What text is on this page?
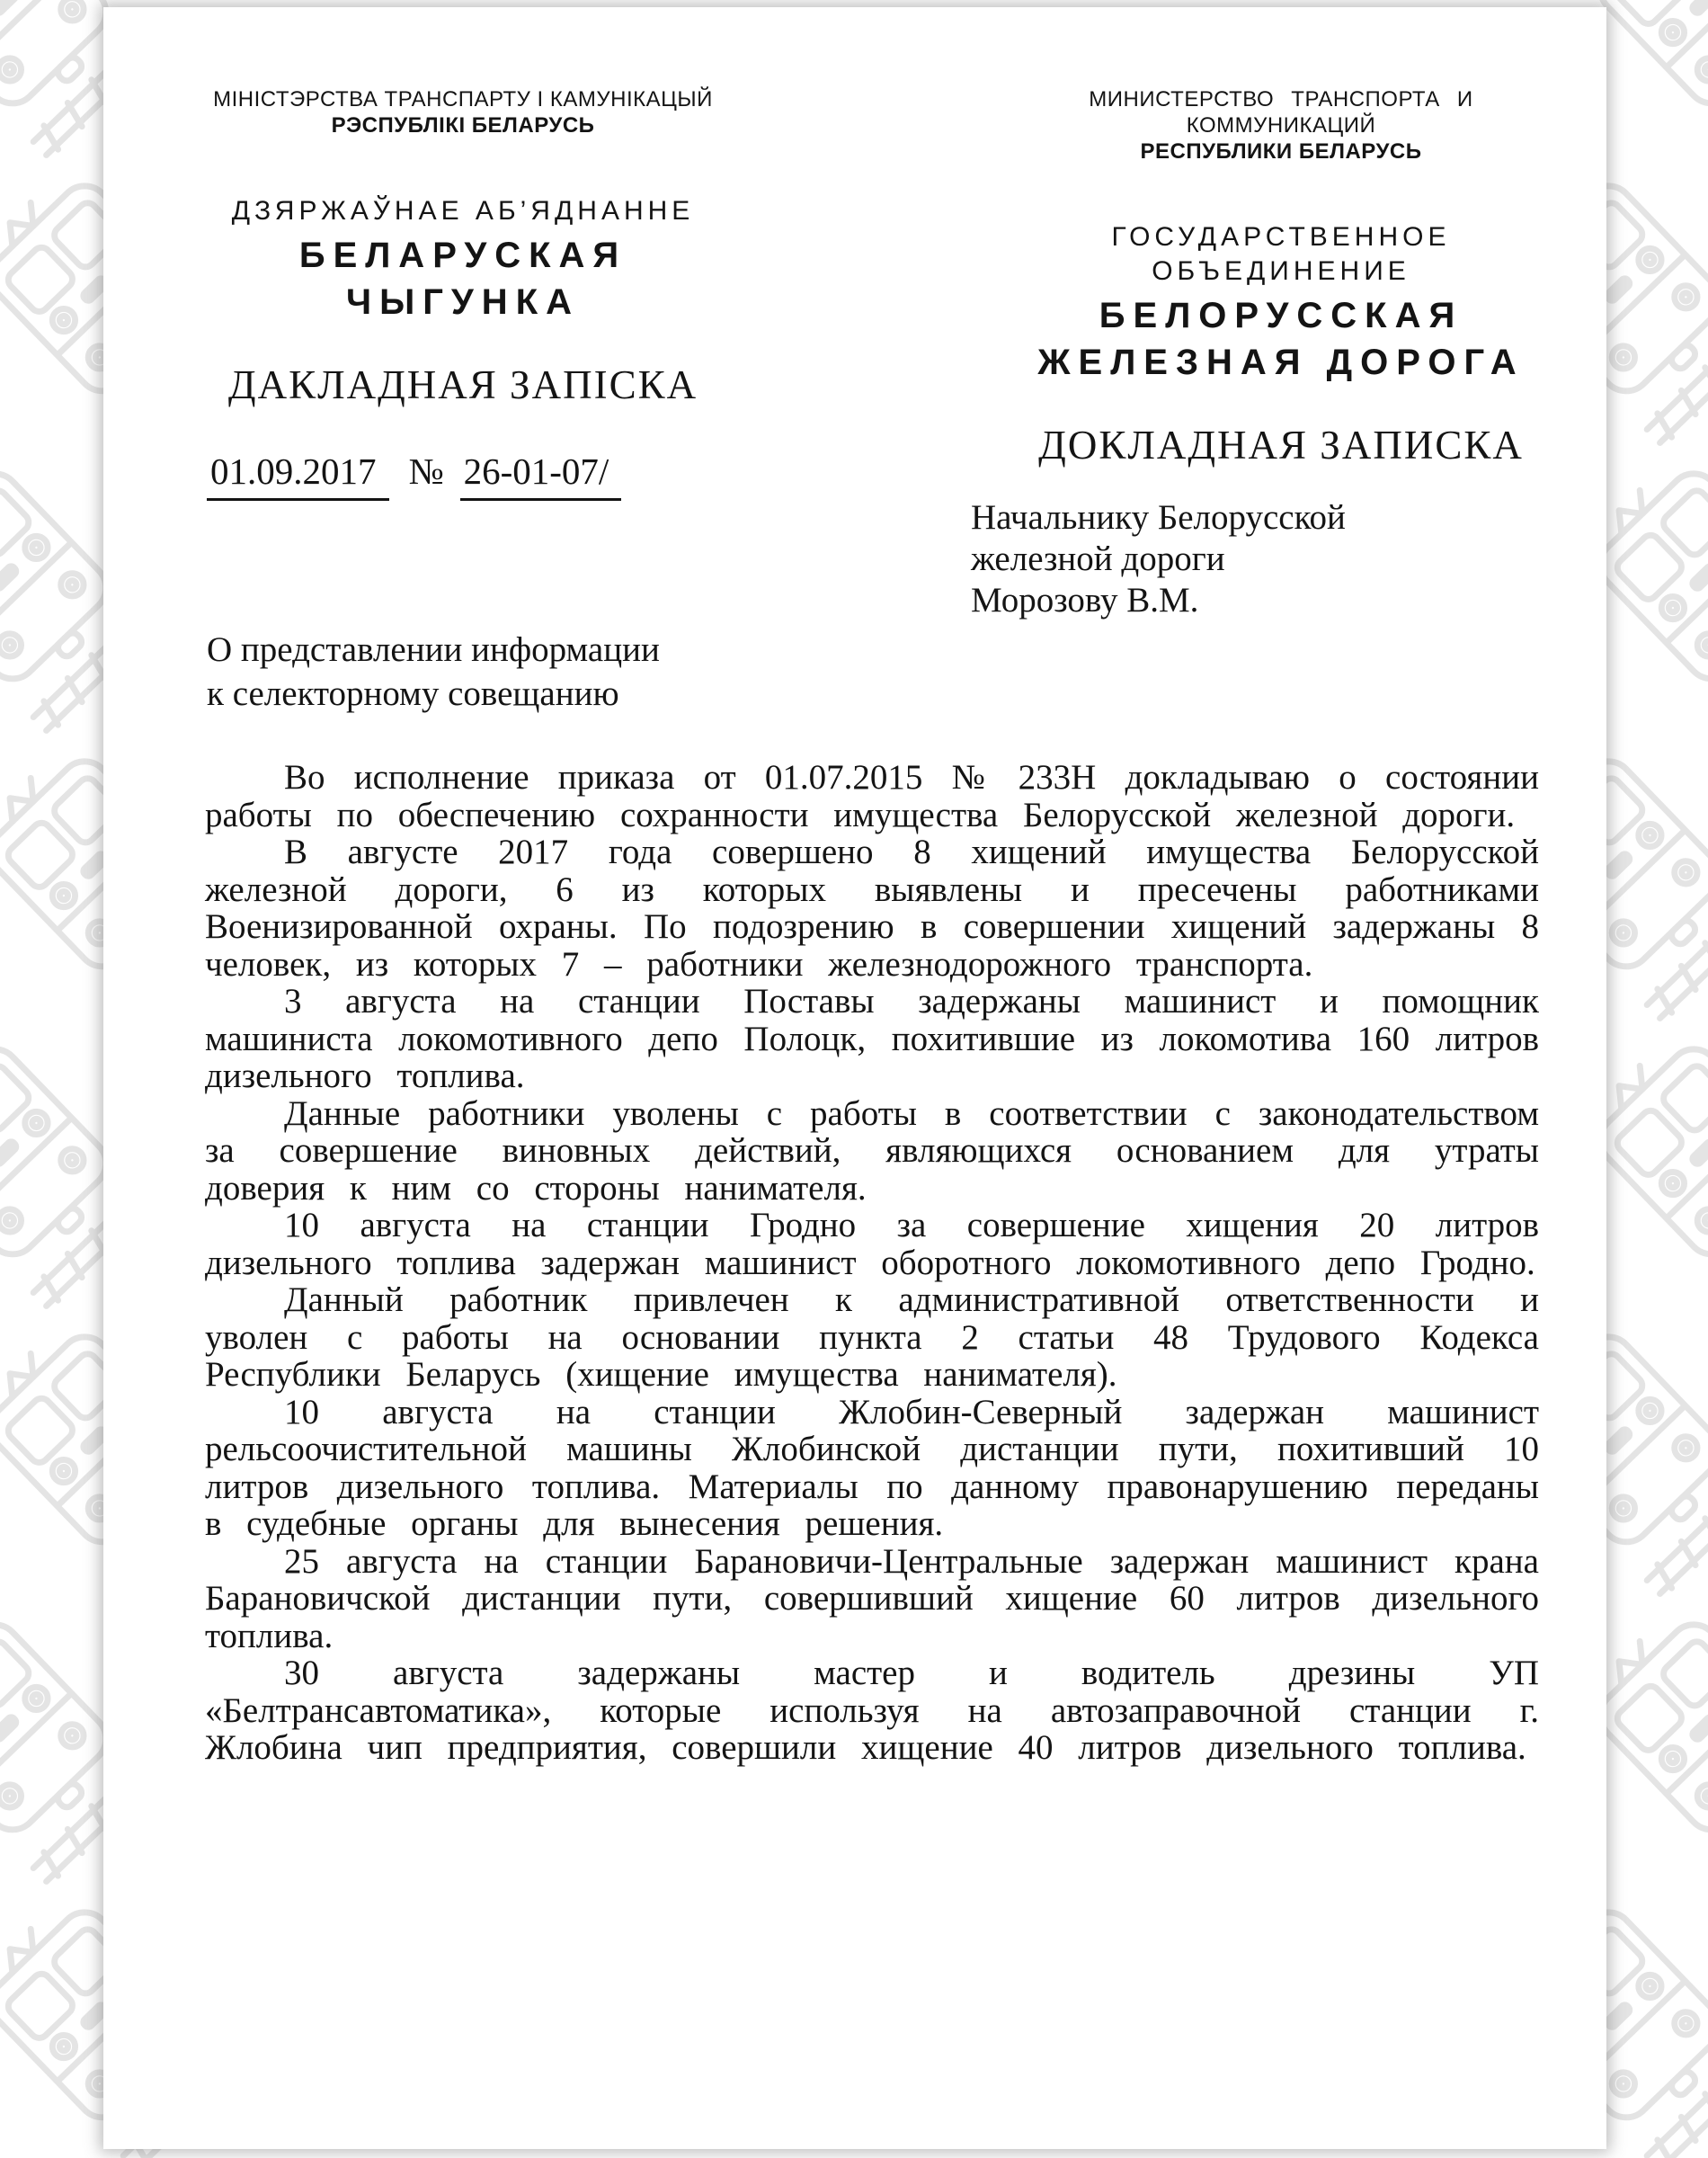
МІНІСТЭРСТВА ТРАНСПАРТУ І КАМУНІКАЦЫЙ
РЭСПУБЛІКІ БЕЛАРУСЬ
ДЗЯРЖАЎНАЕ АБ’ЯДНАННЕ
БЕЛАРУСКАЯ
ЧЫГУНКА
ДАКЛАДНАЯ ЗАПІСКА
МИНИСТЕРСТВО ТРАНСПОРТА И КОММУНИКАЦИЙ
РЕСПУБЛИКИ БЕЛАРУСЬ
ГОСУДАРСТВЕННОЕ ОБЪЕДИНЕНИЕ
БЕЛОРУССКАЯ
ЖЕЛЕЗНАЯ ДОРОГА
ДОКЛАДНАЯ ЗАПИСКА
01.09.2017 № 26-01-07/
Начальнику Белорусской
железной дороги
Морозову В.М.
О представлении информации
к селекторному совещанию

Во исполнение приказа от 01.07.2015 № 233Н докладываю о состоянии работы по обеспечению сохранности имущества Белорусской железной дороги.

В августе 2017 года совершено 8 хищений имущества Белорусской железной дороги, 6 из которых выявлены и пресечены работниками Военизированной охраны. По подозрению в совершении хищений задержаны 8 человек, из которых 7 – работники железнодорожного транспорта.

3 августа на станции Поставы задержаны машинист и помощник машиниста локомотивного депо Полоцк, похитившие из локомотива 160 литров дизельного топлива.

Данные работники уволены с работы в соответствии с законодательством за совершение виновных действий, являющихся основанием для утраты доверия к ним со стороны нанимателя.

10 августа на станции Гродно за совершение хищения 20 литров дизельного топлива задержан машинист оборотного локомотивного депо Гродно.

Данный работник привлечен к административной ответственности и уволен с работы на основании пункта 2 статьи 48 Трудового Кодекса Республики Беларусь (хищение имущества нанимателя).

10 августа на станции Жлобин-Северный задержан машинист рельсоочистительной машины Жлобинской дистанции пути, похитивший 10 литров дизельного топлива. Материалы по данному правонарушению переданы в судебные органы для вынесения решения.

25 августа на станции Барановичи-Центральные задержан машинист крана Барановичской дистанции пути, совершивший хищение 60 литров дизельного топлива.

30 августа задержаны мастер и водитель дрезины УП «Белтрансавтоматика», которые используя на автозаправочной станции г. Жлобина чип предприятия, совершили хищение 40 литров дизельного топлива.
